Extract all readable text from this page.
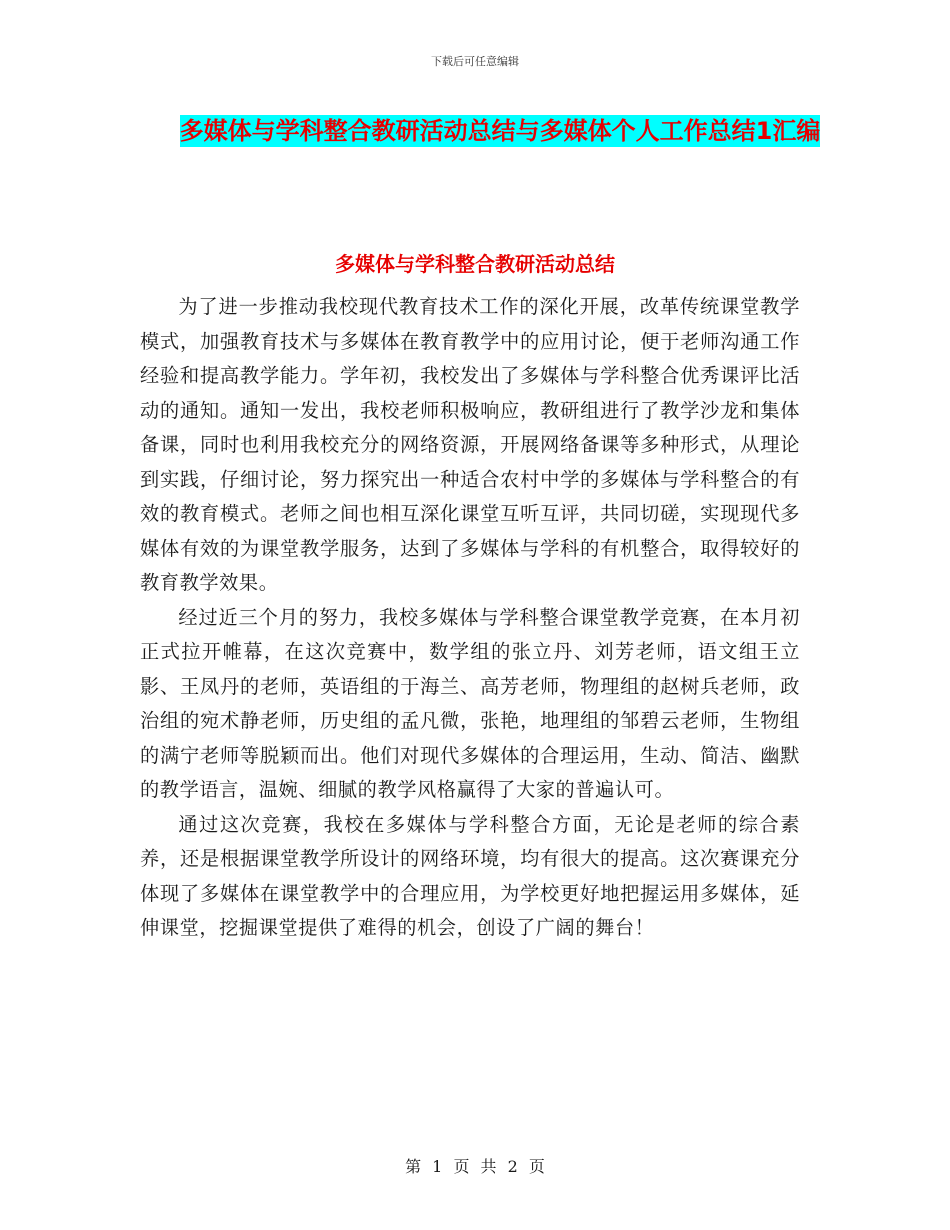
下载后可任意编辑
多媒体与学科整合教研活动总结与多媒体个人工作总结1汇编
多媒体与学科整合教研活动总结

为了进一步推动我校现代教育技术工作的深化开展，改革传统课堂教学模式，加强教育技术与多媒体在教育教学中的应用讨论，便于老师沟通工作经验和提高教学能力。学年初，我校发出了多媒体与学科整合优秀课评比活动的通知。通知一发出，我校老师积极响应，教研组进行了教学沙龙和集体备课，同时也利用我校充分的网络资源，开展网络备课等多种形式，从理论到实践，仔细讨论，努力探究出一种适合农村中学的多媒体与学科整合的有效的教育模式。老师之间也相互深化课堂互听互评，共同切磋，实现现代多媒体有效的为课堂教学服务，达到了多媒体与学科的有机整合，取得较好的教育教学效果。

经过近三个月的努力，我校多媒体与学科整合课堂教学竞赛，在本月初正式拉开帷幕，在这次竞赛中，数学组的张立丹、刘芳老师，语文组王立影、王凤丹的老师，英语组的于海兰、高芳老师，物理组的赵树兵老师，政治组的宛术静老师，历史组的孟凡微，张艳，地理组的邹碧云老师，生物组的满宁老师等脱颖而出。他们对现代多媒体的合理运用，生动、简洁、幽默的教学语言，温婉、细腻的教学风格赢得了大家的普遍认可。

通过这次竞赛，我校在多媒体与学科整合方面，无论是老师的综合素养，还是根据课堂教学所设计的网络环境，均有很大的提高。这次赛课充分体现了多媒体在课堂教学中的合理应用，为学校更好地把握运用多媒体，延伸课堂，挖掘课堂提供了难得的机会，创设了广阔的舞台！

第 1 页 共 2 页
